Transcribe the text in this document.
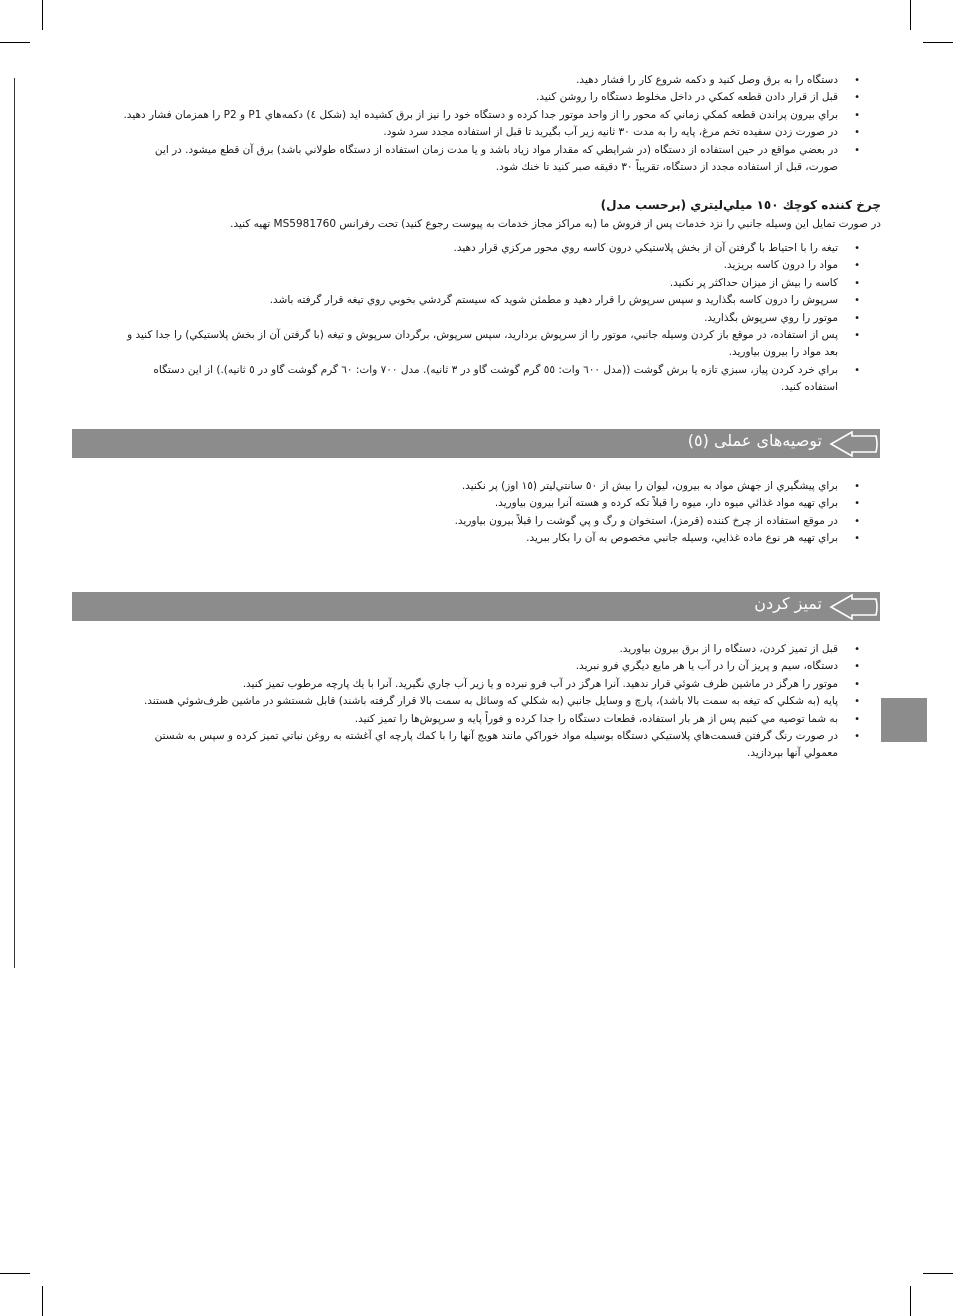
• دستگاه را به برق وصل كنيد و دكمه شروع كار را فشار دهيد.
• قبل از قرار دادن قطعه كمكي در داخل مخلوط دستگاه را روشن كنيد.
• براي بيرون پراندن قطعه كمكي زماني كه محور را از واحد موتور جدا كرده و دستگاه خود را نيز از برق كشيده ايد (شكل ٤) دكمه‌هاي P1 و P2 را همزمان فشار دهيد.
• در صورت زدن سفيده تخم مرغ، پايه را به مدت ٣٠ ثانيه زير آب بگيريد تا قبل از استفاده مجدد سرد شود.
• در بعضي مواقع در حين استفاده از دستگاه (در شرايطي كه مقدار مواد زياد باشد و يا مدت زمان استفاده از دستگاه طولاني باشد) برق آن قطع ميشود. در اين صورت، قبل از استفاده مجدد از دستگاه، تقريباً ٣٠ دقيقه صبر كنيد تا خنك شود.
چرخ كننده كوچك ١٥٠ ميلي‌ليتري (برحسب مدل)
در صورت تمايل اين وسيله جانبي را نزد خدمات پس از فروش ما (به مراكز مجاز خدمات به پيوست رجوع كنيد) تحت رفرانس MS5981760 تهيه كنيد.
• تيغه را با احتياط با گرفتن آن از بخش پلاستيكي درون كاسه روي محور مركزي قرار دهيد.
• مواد را درون كاسه بريزيد.
• كاسه را بيش از ميزان حداكثر پر نكنيد.
• سرپوش را درون كاسه بگذاريد و سپس سرپوش را قرار دهيد و مطمئن شويد كه سيستم گردشي بخوبي روي تيغه قرار گرفته باشد.
• موتور را روي سرپوش بگذاريد.
• پس از استفاده، در موقع باز كردن وسيله جانبي، موتور را از سرپوش برداريد، سپس سرپوش، برگردان سرپوش و تيغه (با گرفتن آن از بخش پلاستيكي) را جدا كنيد و بعد مواد را بيرون بياوريد.
• براي خرد كردن پياز، سبزي تازه يا برش گوشت ((مدل ٦٠٠ وات: ٥٥ گرم گوشت گاو در ٣ ثانيه). مدل ٧٠٠ وات: ٦٠ گرم گوشت گاو در ٥ ثانيه).) از اين دستگاه استفاده كنيد.
توصيه‌هاى عملى (٥)
• براي پيشگيري از جهش مواد به بيرون، ليوان را بيش از ٥٠ سانتي‌ليتر (١٥ اوز) پر نكنيد.
• براي تهيه مواد غذائي ميوه دار، ميوه را قبلاً تكه كرده و هسته آنرا بيرون بياوريد.
• در موقع استفاده از چرخ كننده (قرمز)، استخوان و رگ و پي گوشت را قبلاً بيرون بياوريد.
• براي تهيه هر نوع ماده غذايي، وسيله جانبي مخصوص به آن را بكار ببريد.
تميز كردن
• قبل از تميز كردن، دستگاه را از برق بيرون بياوريد.
• دستگاه، سيم و پريز آن را در آب يا هر مايع ديگري فرو نبريد.
• موتور را هرگز در ماشين ظرف شوئي قرار ندهيد. آنرا هرگز در آب فرو نبرده و يا زير آب جاري نگيريد. آنرا با يك پارچه مرطوب تميز كنيد.
• پايه (به شكلي كه تيغه به سمت بالا باشد)، پارچ و وسايل جانبي (به شكلي كه وسائل به سمت بالا قرار گرفته باشند) قابل شستشو در ماشين ظرف‌شوئي هستند.
• به شما توصيه مي كنيم پس از هر بار استفاده، قطعات دستگاه را جدا كرده و فوراً پايه و سرپوش‌ها را تميز كنيد.
• در صورت رنگ گرفتن قسمت‌هاي پلاستيكي دستگاه بوسيله مواد خوراكي مانند هويج آنها را با كمك پارچه اي آغشته به روغن نباتي تميز كرده و سپس به شستن معمولي آنها بپردازيد.
